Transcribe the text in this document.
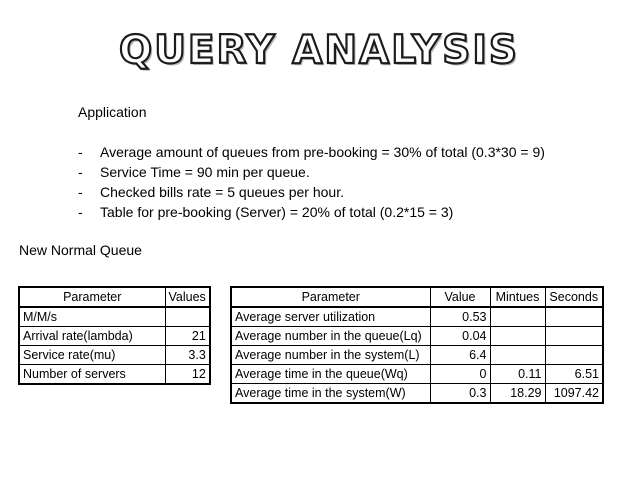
QUERY ANALYSIS
Application
- Average amount of queues from pre-booking = 30% of total (0.3*30 = 9)
- Service Time = 90 min per queue.
- Checked bills rate = 5 queues per hour.
- Table for pre-booking (Server) = 20% of total (0.2*15 = 3)
New Normal Queue
Parameter	Values
M/M/s	
Arrival rate(lambda)	21
Service rate(mu)	3.3
Number of servers	12
Parameter	Value	Mintues	Seconds
Average server utilization	0.53		
Average number in the queue(Lq)	0.04		
Average number in the system(L)	6.4		
Average time in the queue(Wq)	0	0.11	6.51
Average time in the system(W)	0.3	18.29	1097.42
